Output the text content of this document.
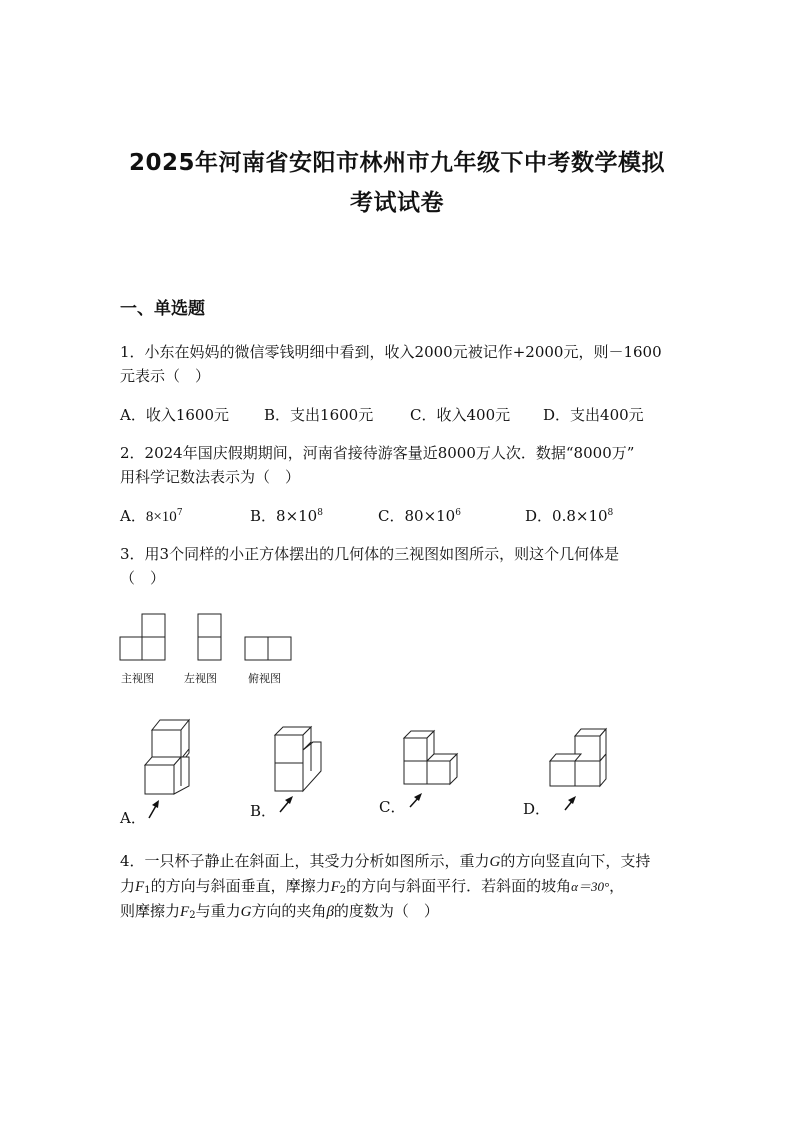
2025年河南省安阳市林州市九年级下中考数学模拟
考试试卷
一、单选题
1．小东在妈妈的微信零钱明细中看到，收入2000元被记作+2000元，则－1600
元表示（　）
A．收入1600元 B．支出1600元 C．收入400元 D．支出400元
2．2024年国庆假期期间，河南省接待游客量近8000万人次．数据“8000万”
用科学记数法表示为（　）
A．$8\times 10^7$	B．$8\times 10^8$	C．$80\times 10^6$	D．$0.8\times 10^8$
3．用3个同样的小正方体摆出的几何体的三视图如图所示，则这个几何体是
（　）
主视图	左视图	俯视图
A．	B．	C．	D．
4．一只杯子静止在斜面上，其受力分析如图所示，重力G的方向竖直向下，支持
力$F_1$的方向与斜面垂直，摩擦力$F_2$的方向与斜面平行．若斜面的坡角α＝30°，
则摩擦力$F_2$与重力G方向的夹角β的度数为（　）
